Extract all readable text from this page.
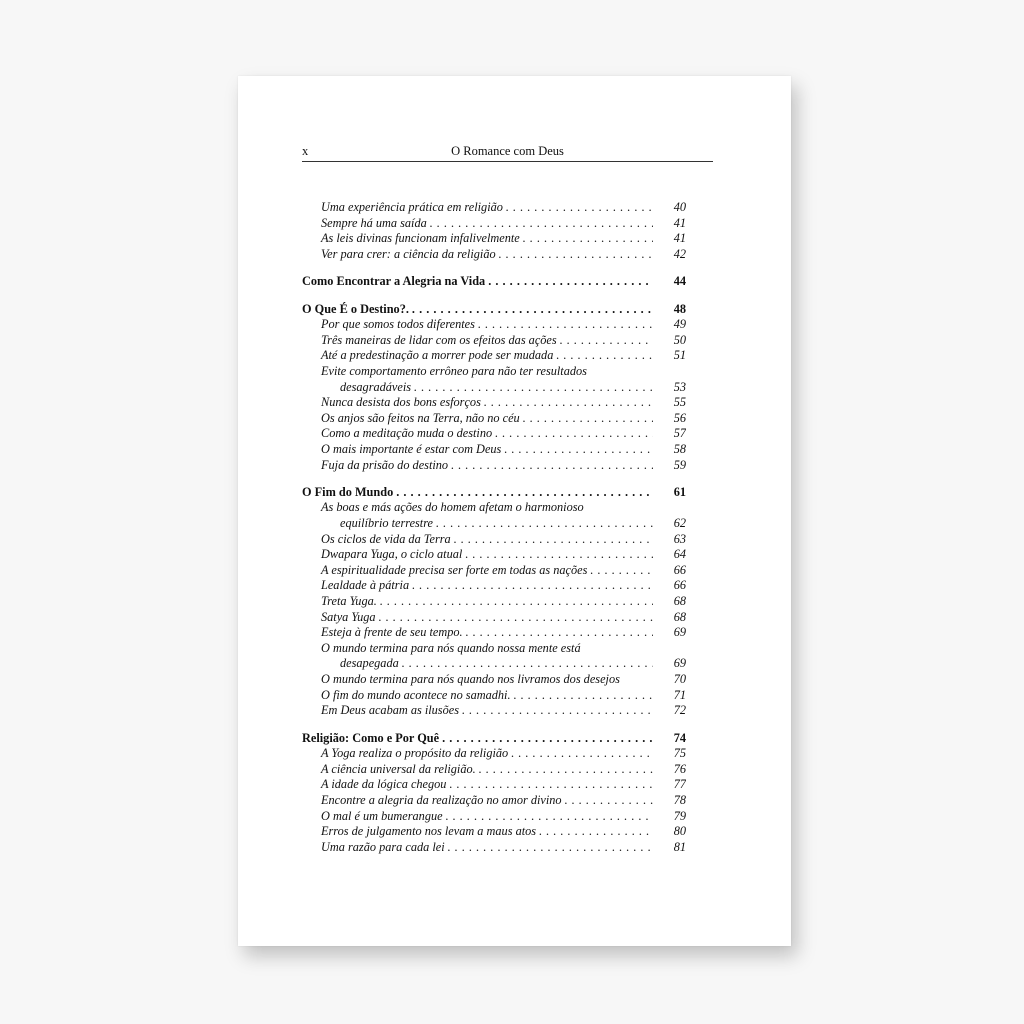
x	O Romance com Deus
Uma experiência prática em religião . . .	40
Sempre há uma saída . . .	41
As leis divinas funcionam infalivelmente . . .	41
Ver para crer: a ciência da religião . . .	42
Como Encontrar a Alegria na Vida . . .	44
O Que É o Destino?. . . .	48
Por que somos todos diferentes . . .	49
Três maneiras de lidar com os efeitos das ações . . .	50
Até a predestinação a morrer pode ser mudada . . .	51
Evite comportamento errôneo para não ter resultados
desagradáveis . . .	53
Nunca desista dos bons esforços . . .	55
Os anjos são feitos na Terra, não no céu . . .	56
Como a meditação muda o destino . . .	57
O mais importante é estar com Deus . . .	58
Fuja da prisão do destino . . .	59
O Fim do Mundo . . .	61
As boas e más ações do homem afetam o harmonioso
equilíbrio terrestre . . .	62
Os ciclos de vida da Terra . . .	63
Dwapara Yuga, o ciclo atual . . .	64
A espiritualidade precisa ser forte em todas as nações . . .	66
Lealdade à pátria . . .	66
Treta Yuga. . . .	68
Satya Yuga . . .	68
Esteja à frente de seu tempo. . . .	69
O mundo termina para nós quando nossa mente está
desapegada . . .	69
O mundo termina para nós quando nos livramos dos desejos	70
O fim do mundo acontece no samadhi. . . .	71
Em Deus acabam as ilusões . . .	72
Religião: Como e Por Quê . . .	74
A Yoga realiza o propósito da religião . . .	75
A ciência universal da religião. . . .	76
A idade da lógica chegou . . .	77
Encontre a alegria da realização no amor divino . . .	78
O mal é um bumerangue . . .	79
Erros de julgamento nos levam a maus atos . . .	80
Uma razão para cada lei . . .	81
